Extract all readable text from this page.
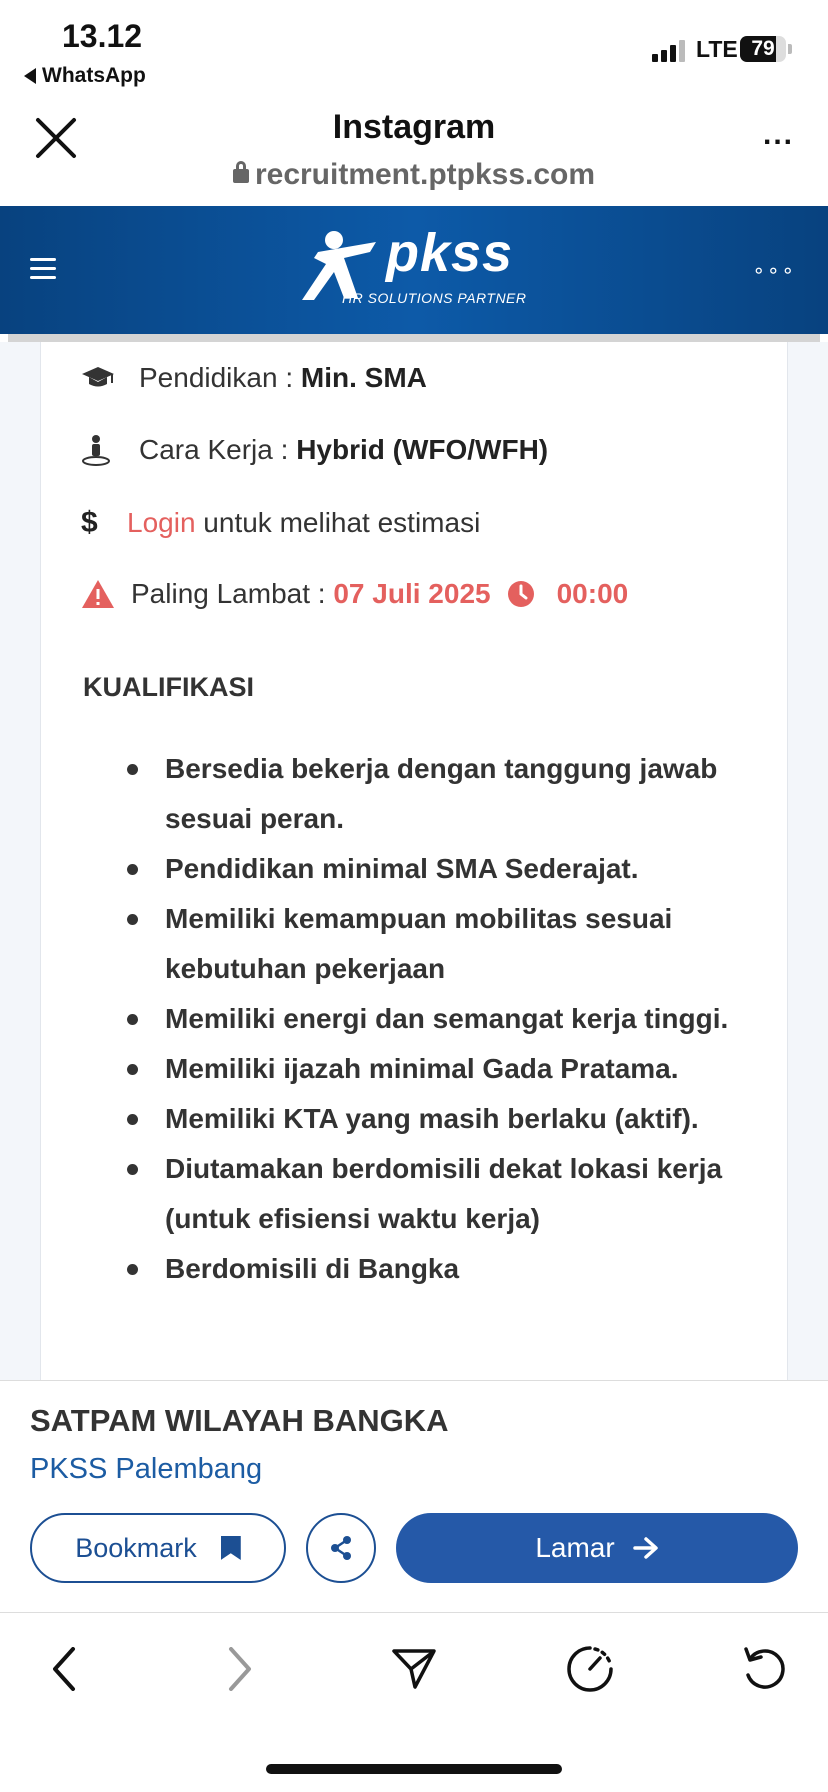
13.12
WhatsApp
LTE 79
Instagram
recruitment.ptpkss.com
...
pkss
HR SOLUTIONS PARTNER
∘∘∘
Pendidikan :
Min. SMA
Cara Kerja :
Hybrid (WFO/WFH)
$	Login
untuk melihat estimasi
Paling Lambat :
07 Juli 2025 00:00
KUALIFIKASI
Bersedia bekerja dengan tanggung jawab sesuai peran.
Pendidikan minimal SMA Sederajat.
Memiliki kemampuan mobilitas sesuai kebutuhan pekerjaan
Memiliki energi dan semangat kerja tinggi.
Memiliki ijazah minimal Gada Pratama.
Memiliki KTA yang masih berlaku (aktif).
Diutamakan berdomisili dekat lokasi kerja (untuk efisiensi waktu kerja)
Berdomisili di Bangka
SATPAM WILAYAH BANGKA
PKSS Palembang
Bookmark	Lamar
